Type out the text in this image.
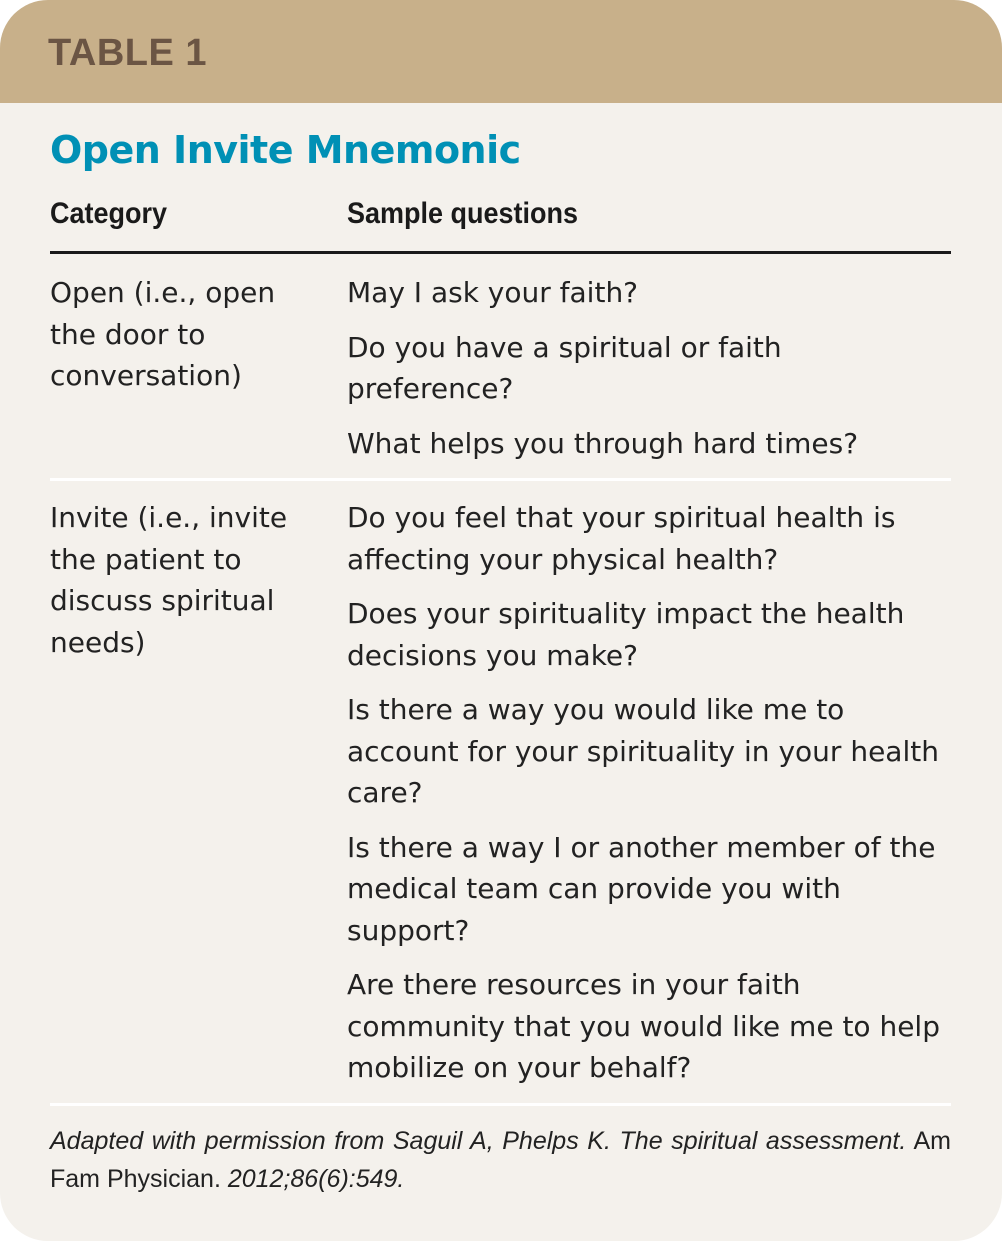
TABLE 1
Open Invite Mnemonic
Category	Sample questions
Open (i.e., open the door to conversation)
May I ask your faith?
Do you have a spiritual or faith preference?
What helps you through hard times?
Invite (i.e., invite the patient to discuss spiritual needs)
Do you feel that your spiritual health is affecting your physical health?
Does your spirituality impact the health decisions you make?
Is there a way you would like me to account for your spirituality in your health care?
Is there a way I or another member of the medical team can provide you with support?
Are there resources in your faith community that you would like me to help mobilize on your behalf?
Adapted with permission from Saguil A, Phelps K. The spiritual assessment. Am Fam Physician. 2012;86(6):549.
